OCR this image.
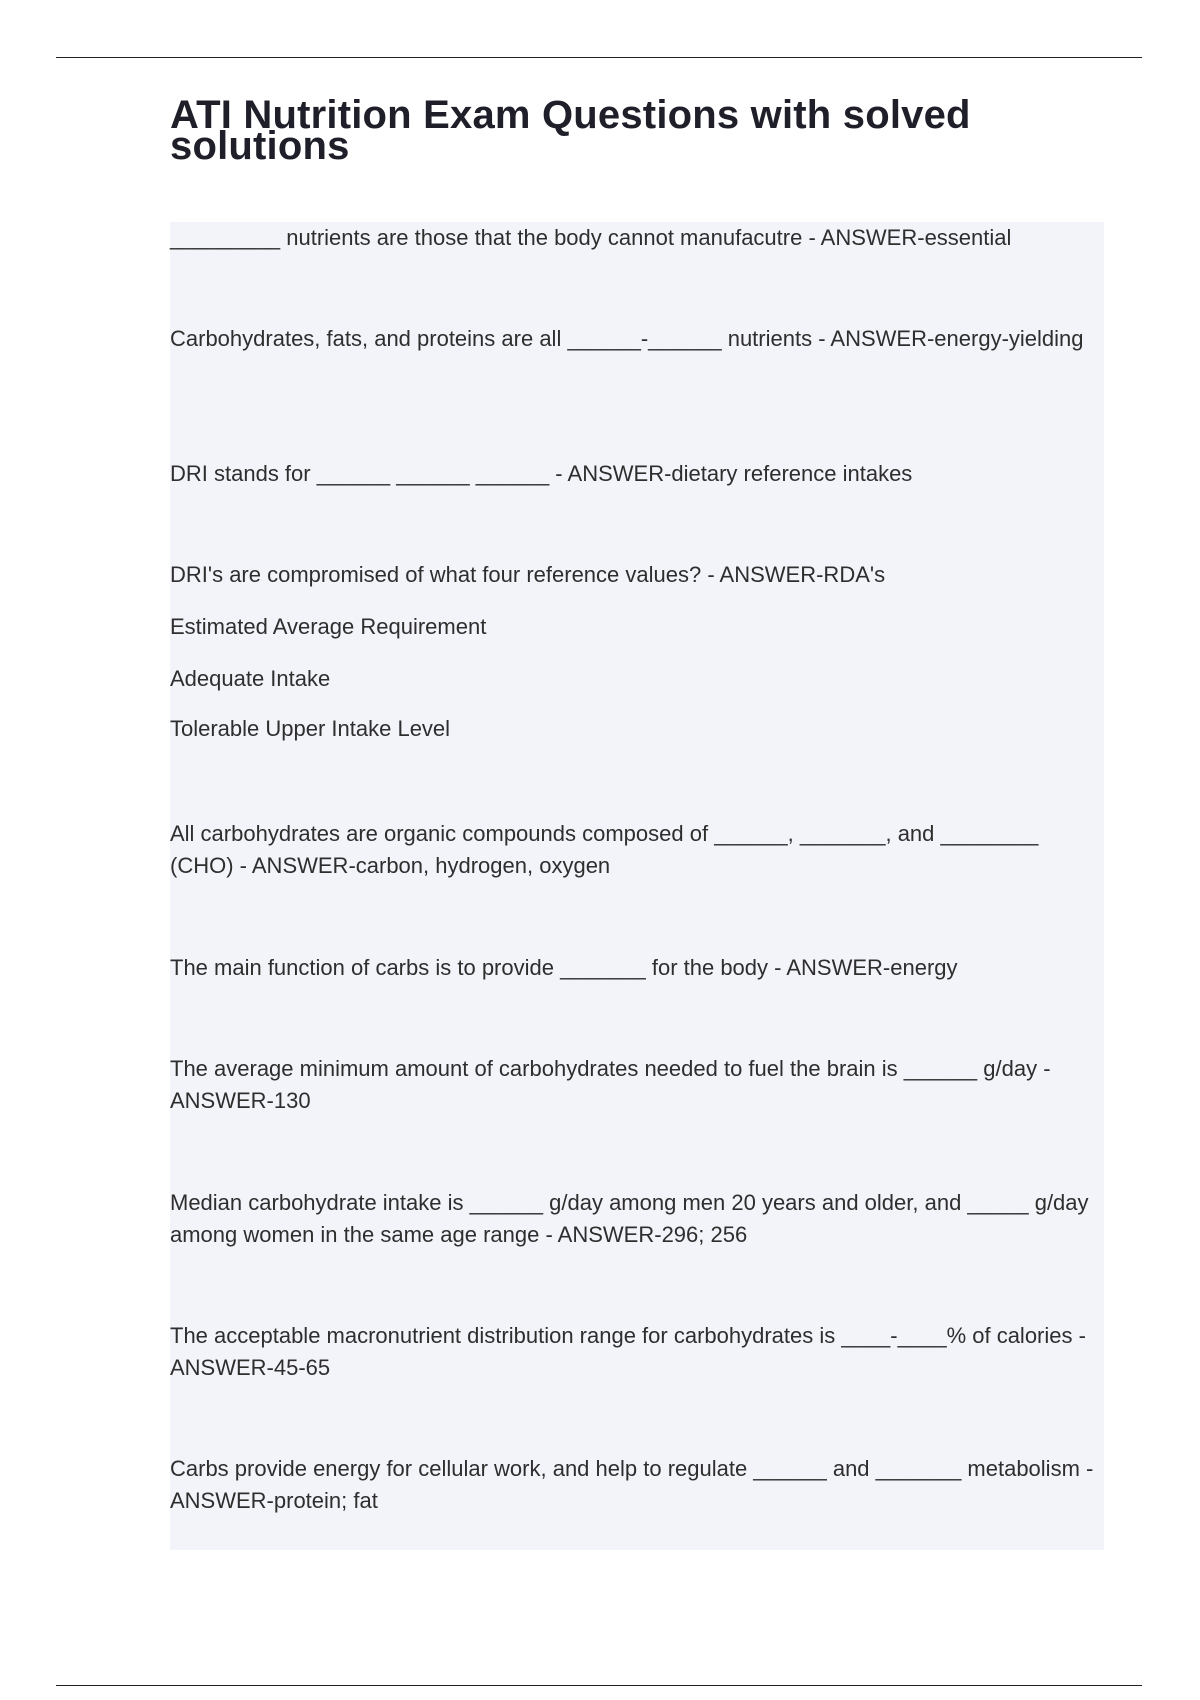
ATI Nutrition Exam Questions with solved solutions

_________ nutrients are those that the body cannot manufacutre - ANSWER-essential

Carbohydrates, fats, and proteins are all ______-______ nutrients - ANSWER-energy-yielding

DRI stands for ______ ______ ______ - ANSWER-dietary reference intakes

DRI's are compromised of what four reference values? - ANSWER-RDA's

Estimated Average Requirement

Adequate Intake

Tolerable Upper Intake Level

All carbohydrates are organic compounds composed of ______, _______, and ________ (CHO) - ANSWER-carbon, hydrogen, oxygen

The main function of carbs is to provide _______ for the body - ANSWER-energy

The average minimum amount of carbohydrates needed to fuel the brain is ______ g/day - ANSWER-130

Median carbohydrate intake is ______ g/day among men 20 years and older, and _____ g/day among women in the same age range - ANSWER-296; 256

The acceptable macronutrient distribution range for carbohydrates is ____-____% of calories - ANSWER-45-65

Carbs provide energy for cellular work, and help to regulate ______ and _______ metabolism - ANSWER-protein; fat
